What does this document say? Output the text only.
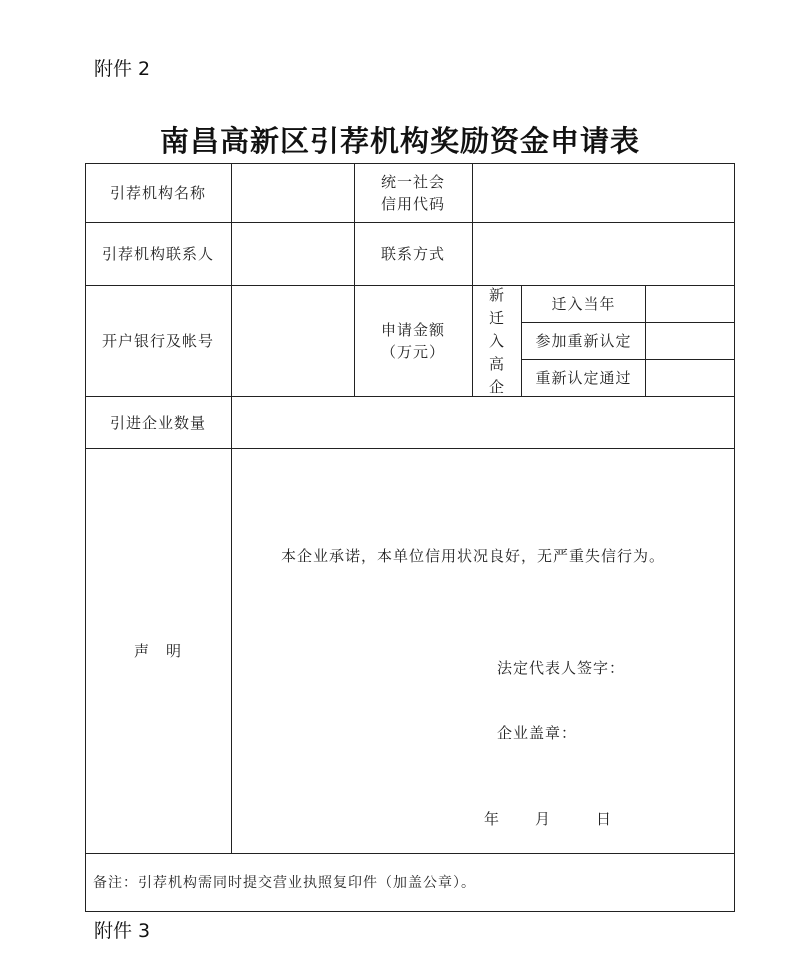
附件 2
南昌高新区引荐机构奖励资金申请表
引荐机构名称
统一社会
信用代码
引荐机构联系人	联系方式
开户银行及帐号
申请金额
（万元）
新
迁
入
高
企
迁入当年
参加重新认定
重新认定通过
引进企业数量
声　明
本企业承诺，本单位信用状况良好，无严重失信行为。
法定代表人签字：
企业盖章：
年 月	日
备注：引荐机构需同时提交营业执照复印件（加盖公章）。
附件 3
